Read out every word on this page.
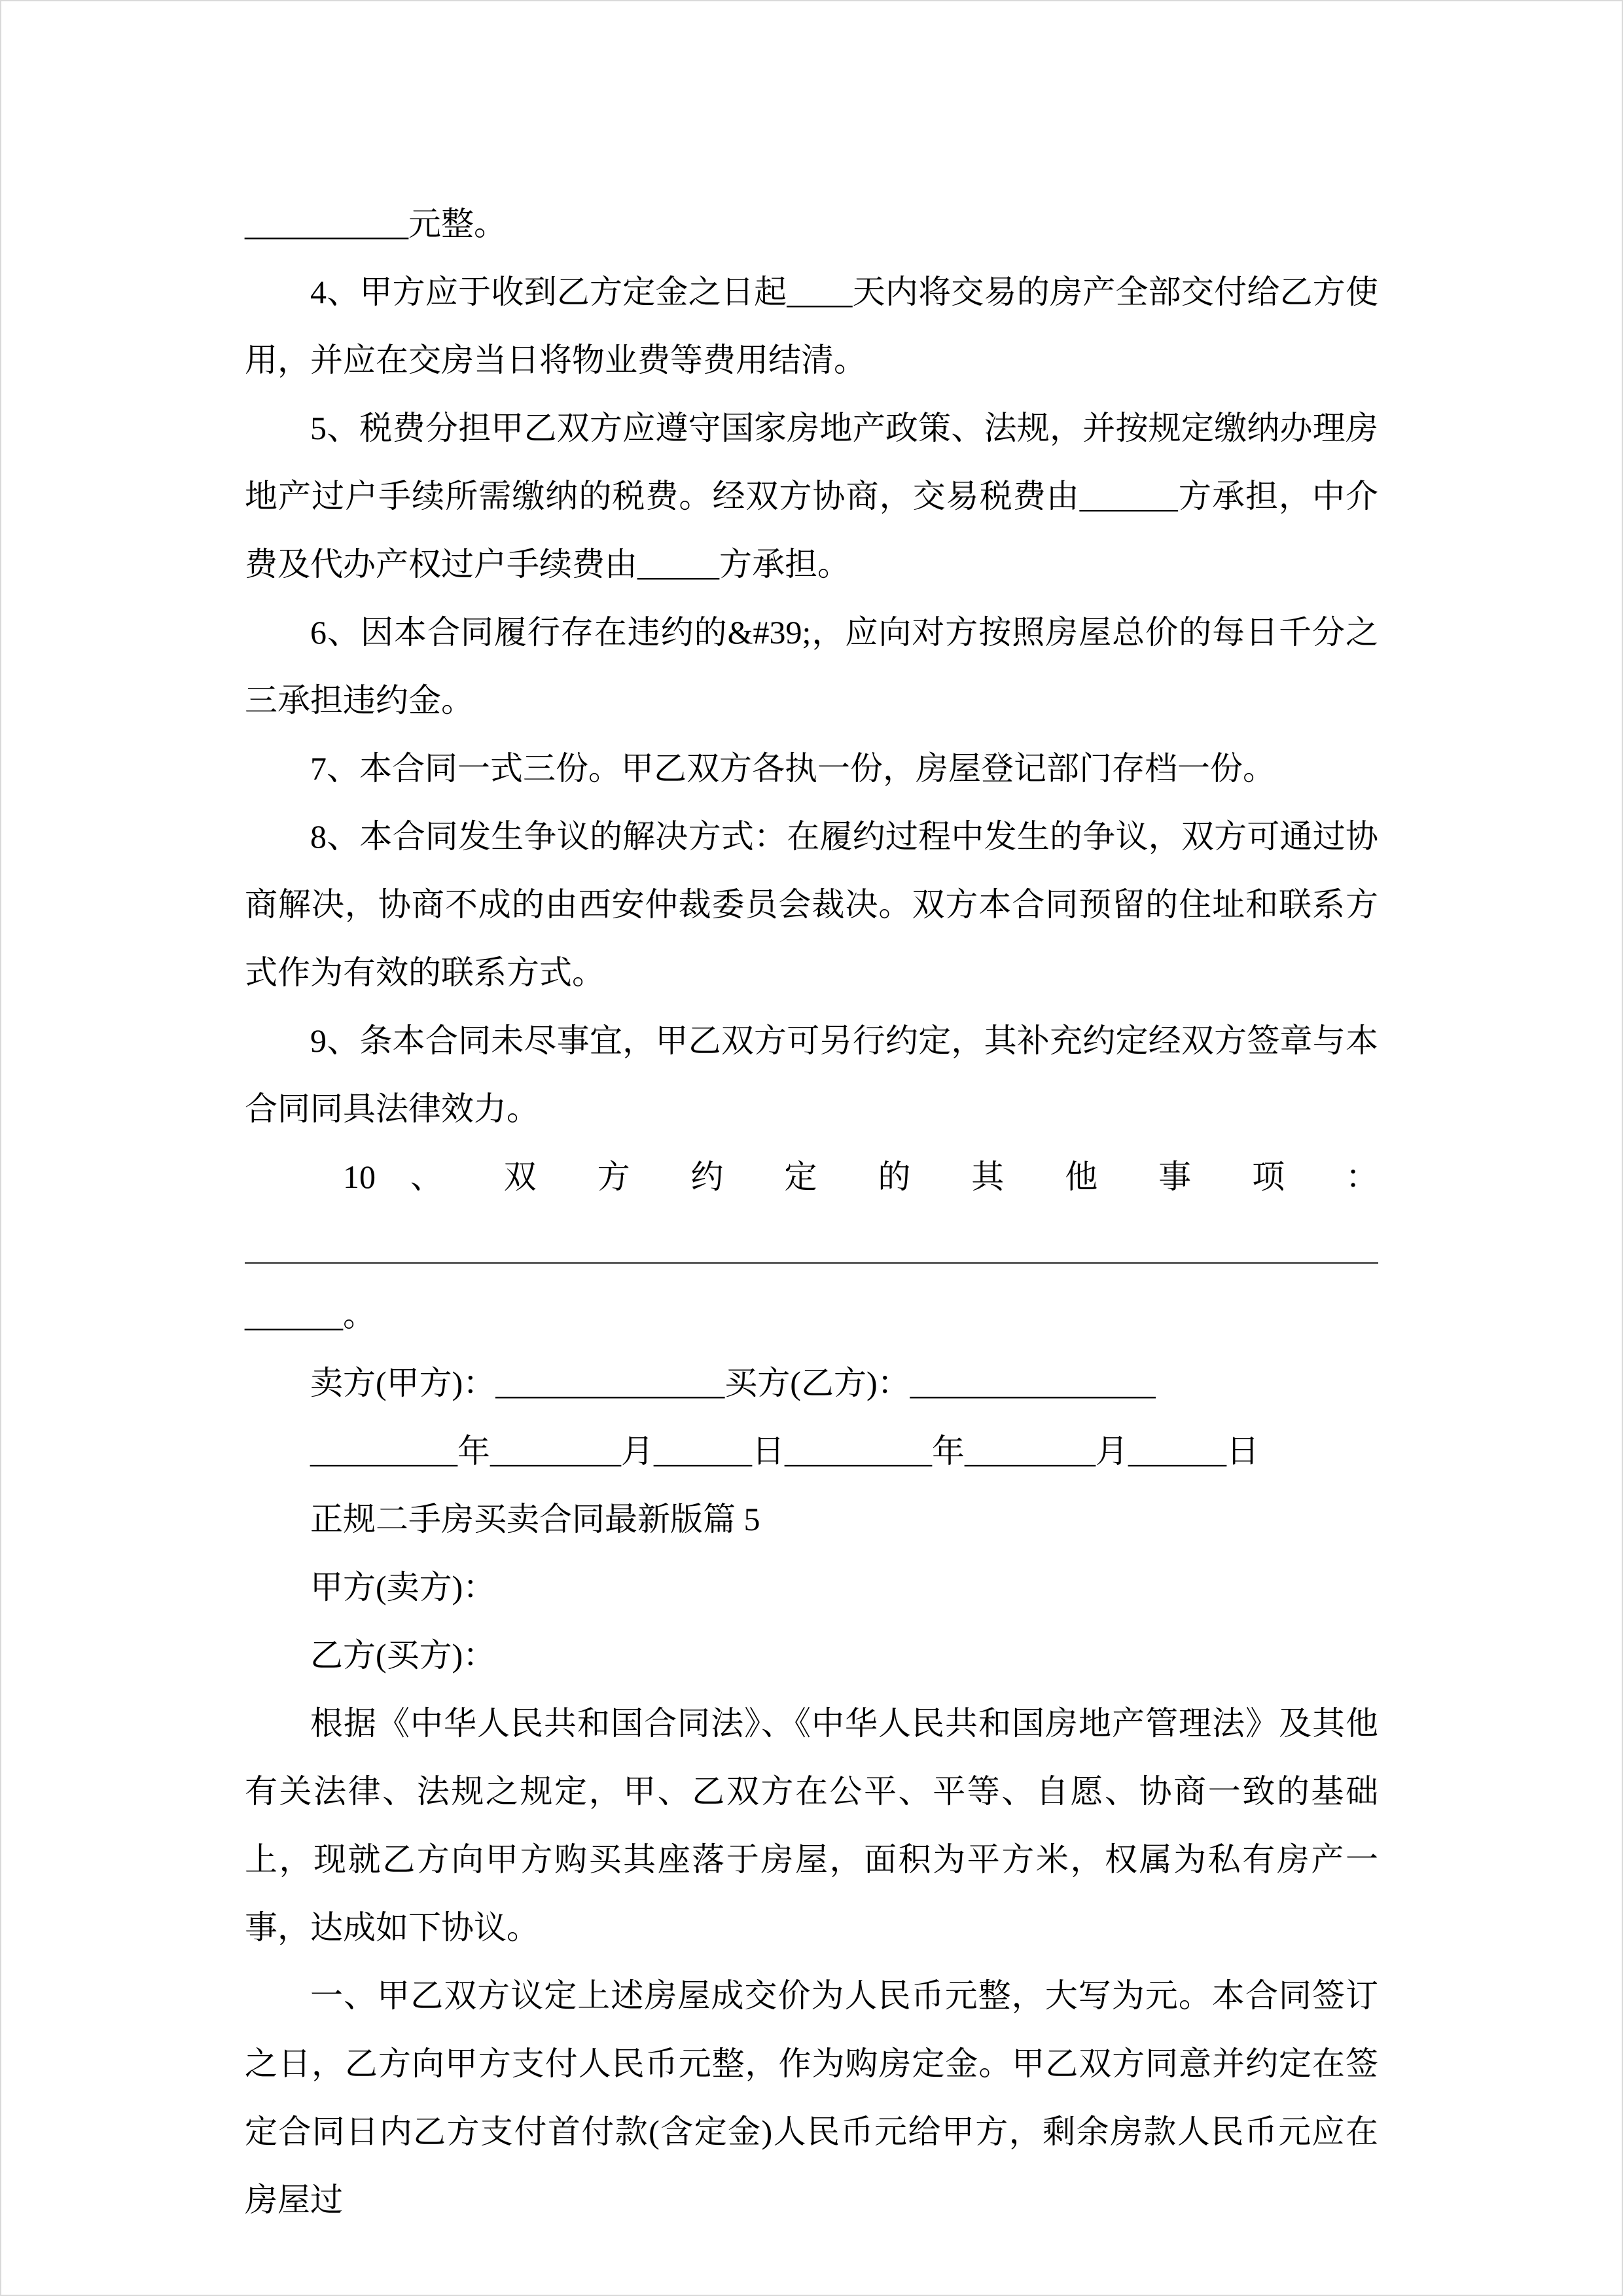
__________元整。

4、甲方应于收到乙方定金之日起____天内将交易的房产全部交付给乙方使用，并应在交房当日将物业费等费用结清。

5、税费分担甲乙双方应遵守国家房地产政策、法规，并按规定缴纳办理房地产过户手续所需缴纳的税费。经双方协商，交易税费由______方承担，中介费及代办产权过户手续费由_____方承担。

6、因本合同履行存在违约的&#39;，应向对方按照房屋总价的每日千分之三承担违约金。

7、本合同一式三份。甲乙双方各执一份，房屋登记部门存档一份。

8、本合同发生争议的解决方式：在履约过程中发生的争议，双方可通过协商解决，协商不成的由西安仲裁委员会裁决。双方本合同预留的住址和联系方式作为有效的联系方式。

9、条本合同未尽事宜，甲乙双方可另行约定，其补充约定经双方签章与本合同同具法律效力。

10 、 双 方 约 定 的 其 他 事 项 ：

______。

卖方(甲方)：______________买方(乙方)：_______________

_________年________月______日_________年________月______日

正规二手房买卖合同最新版篇 5

甲方(卖方)：

乙方(买方)：

根据《中华人民共和国合同法》、《中华人民共和国房地产管理法》及其他有关法律、法规之规定，甲、乙双方在公平、平等、自愿、协商一致的基础上，现就乙方向甲方购买其座落于房屋，面积为平方米，权属为私有房产一事，达成如下协议。

一、甲乙双方议定上述房屋成交价为人民币元整，大写为元。本合同签订之日，乙方向甲方支付人民币元整，作为购房定金。甲乙双方同意并约定在签定合同日内乙方支付首付款(含定金)人民币元给甲方，剩余房款人民币元应在房屋过
